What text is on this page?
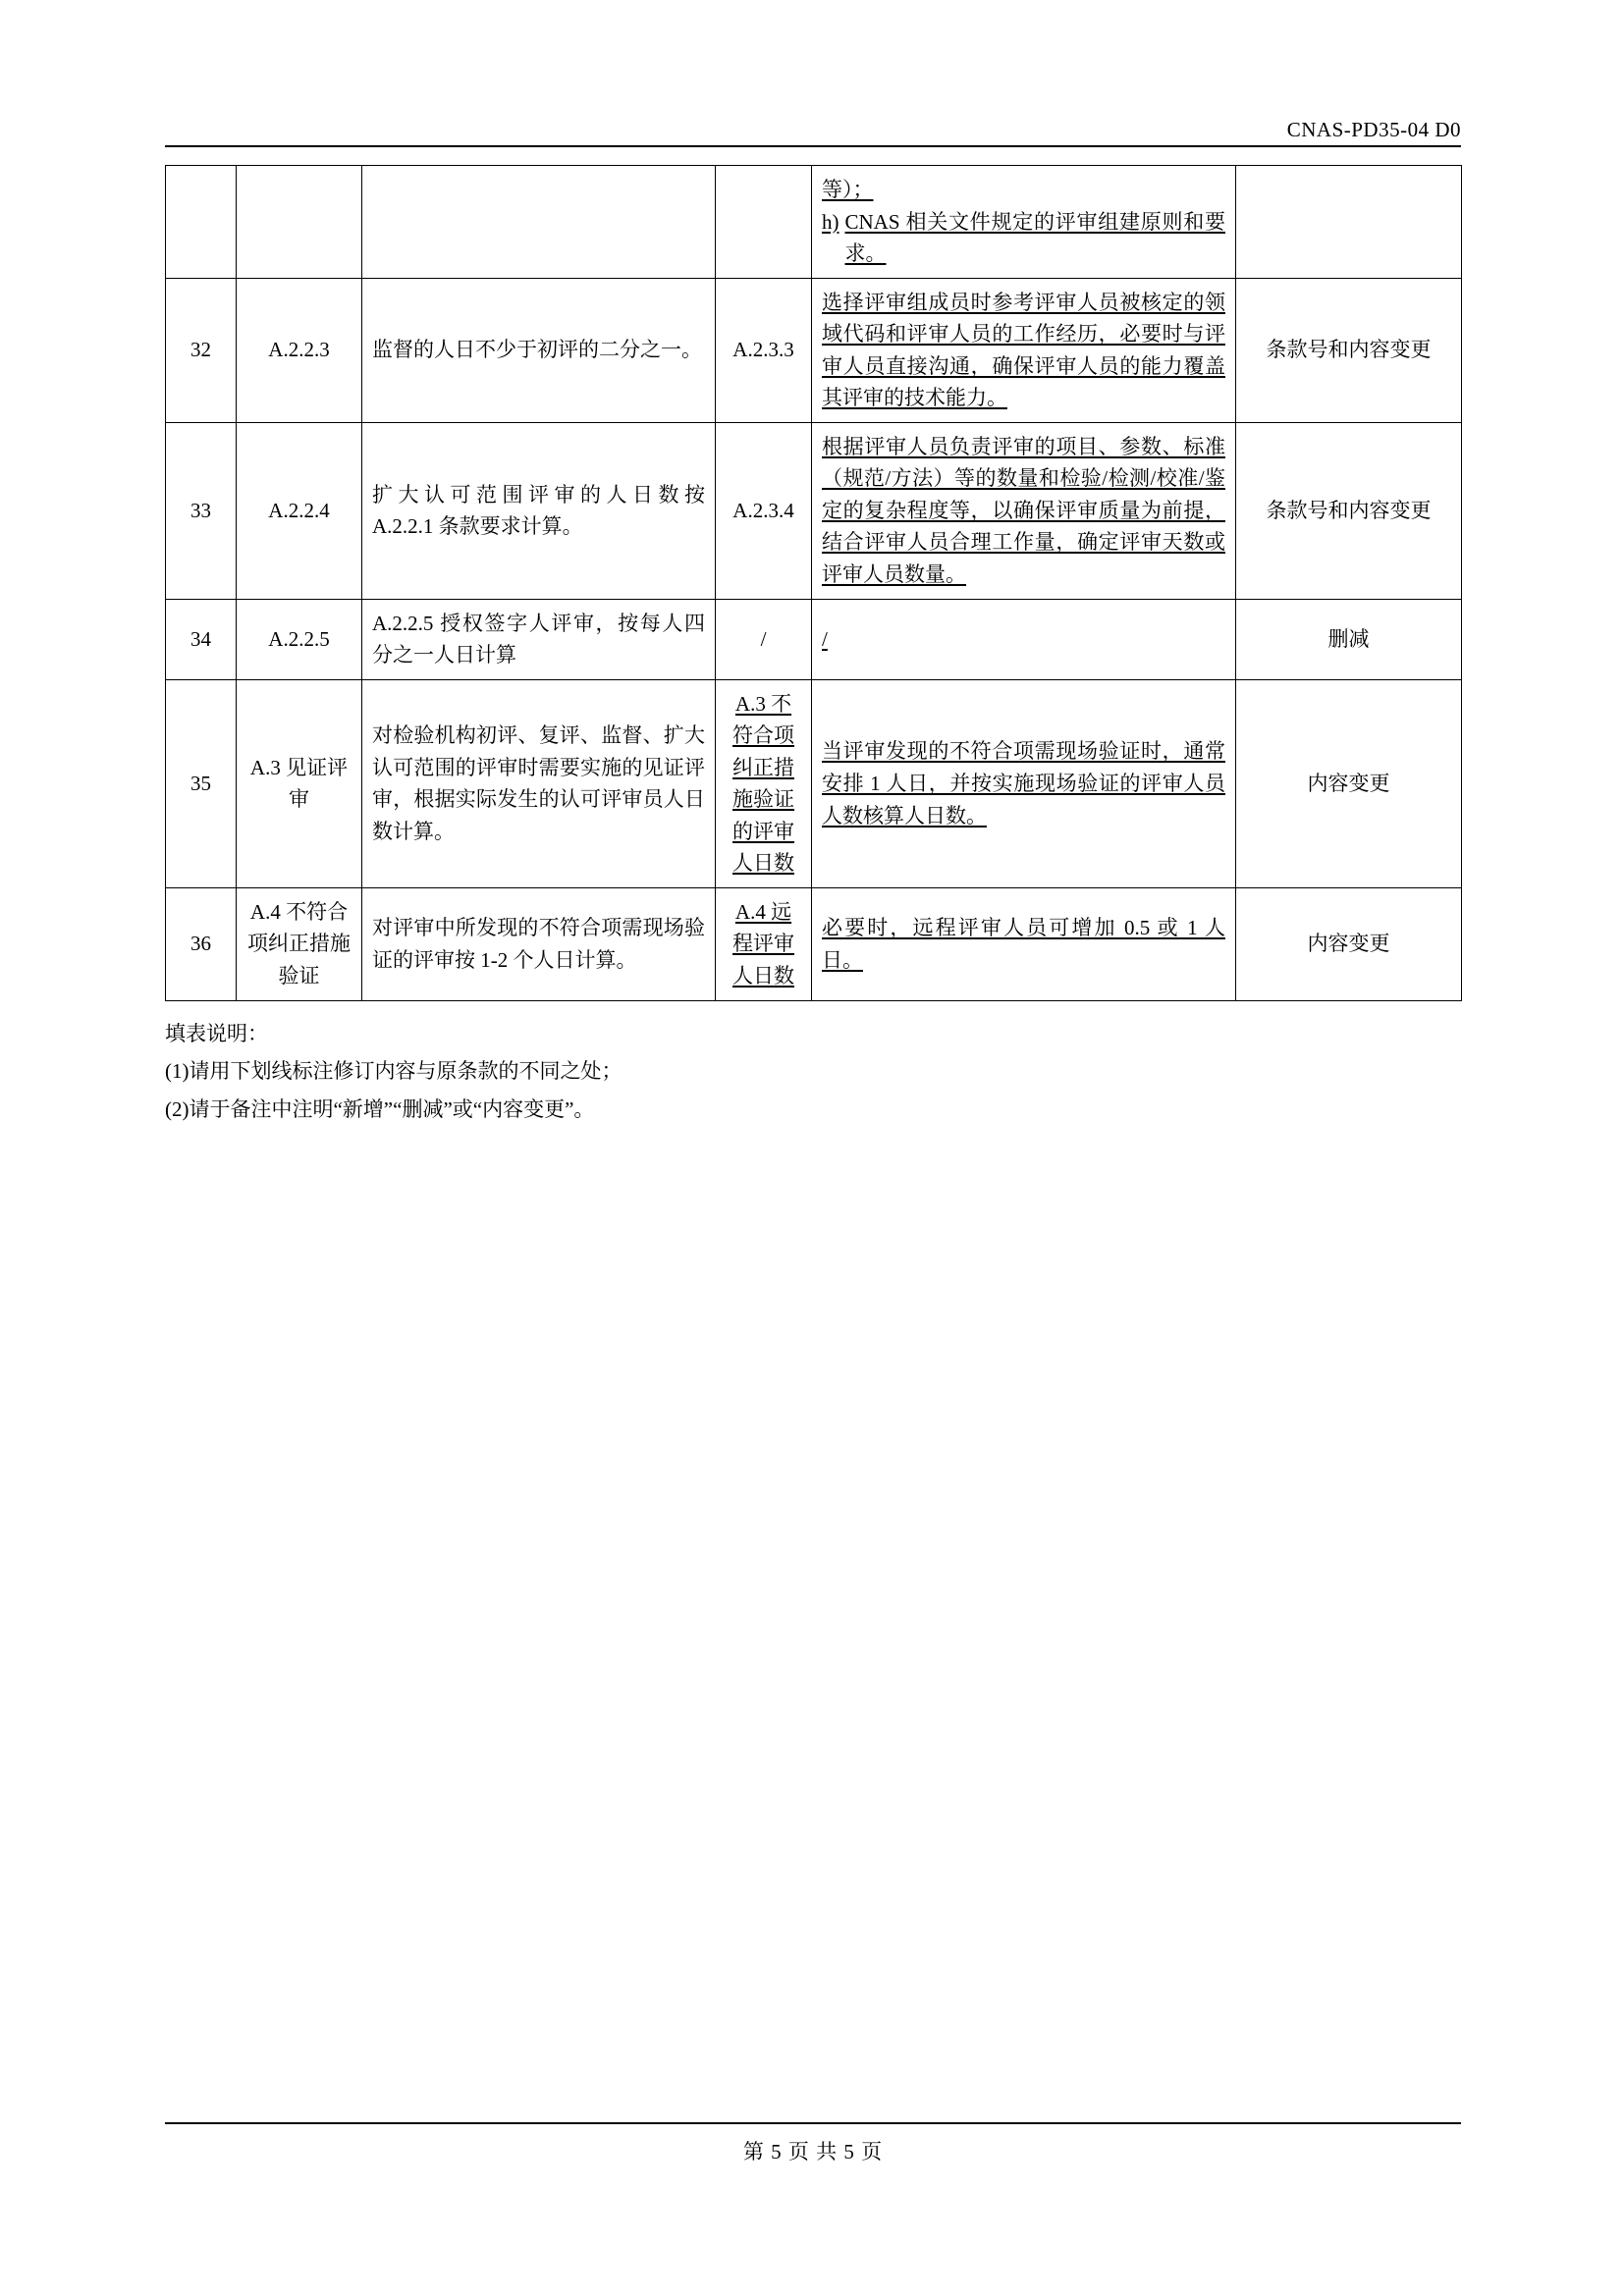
CNAS-PD35-04 D0

				等）；
h) CNAS 相关文件规定的评审组建原则和要求。	

32	A.2.2.3	监督的人日不少于初评的二分之一。	A.2.3.3	选择评审组成员时参考评审人员被核定的领域代码和评审人员的工作经历，必要时与评审人员直接沟通，确保评审人员的能力覆盖其评审的技术能力。	条款号和内容变更
33	A.2.2.4	扩大认可范围评审的人日数按 A.2.2.1 条款要求计算。	A.2.3.4	根据评审人员负责评审的项目、参数、标准（规范/方法）等的数量和检验/检测/校准/鉴定的复杂程度等，以确保评审质量为前提，结合评审人员合理工作量，确定评审天数或评审人员数量。	条款号和内容变更
34	A.2.2.5	A.2.2.5 授权签字人评审，按每人四分之一人日计算	/	/	删减
35	A.3 见证评审	对检验机构初评、复评、监督、扩大认可范围的评审时需要实施的见证评审，根据实际发生的认可评审员人日数计算。	A.3 不符合项纠正措施验证的评审人日数	当评审发现的不符合项需现场验证时，通常安排 1 人日，并按实施现场验证的评审人员人数核算人日数。	内容变更
36	A.4 不符合项纠正措施验证	对评审中所发现的不符合项需现场验证的评审按 1-2 个人日计算。	A.4 远程评审人日数	必要时，远程评审人员可增加 0.5 或 1 人日。	内容变更
填表说明：
(1)请用下划线标注修订内容与原条款的不同之处；
(2)请于备注中注明“新增”“删减”或“内容变更”。
第 5 页 共 5 页
